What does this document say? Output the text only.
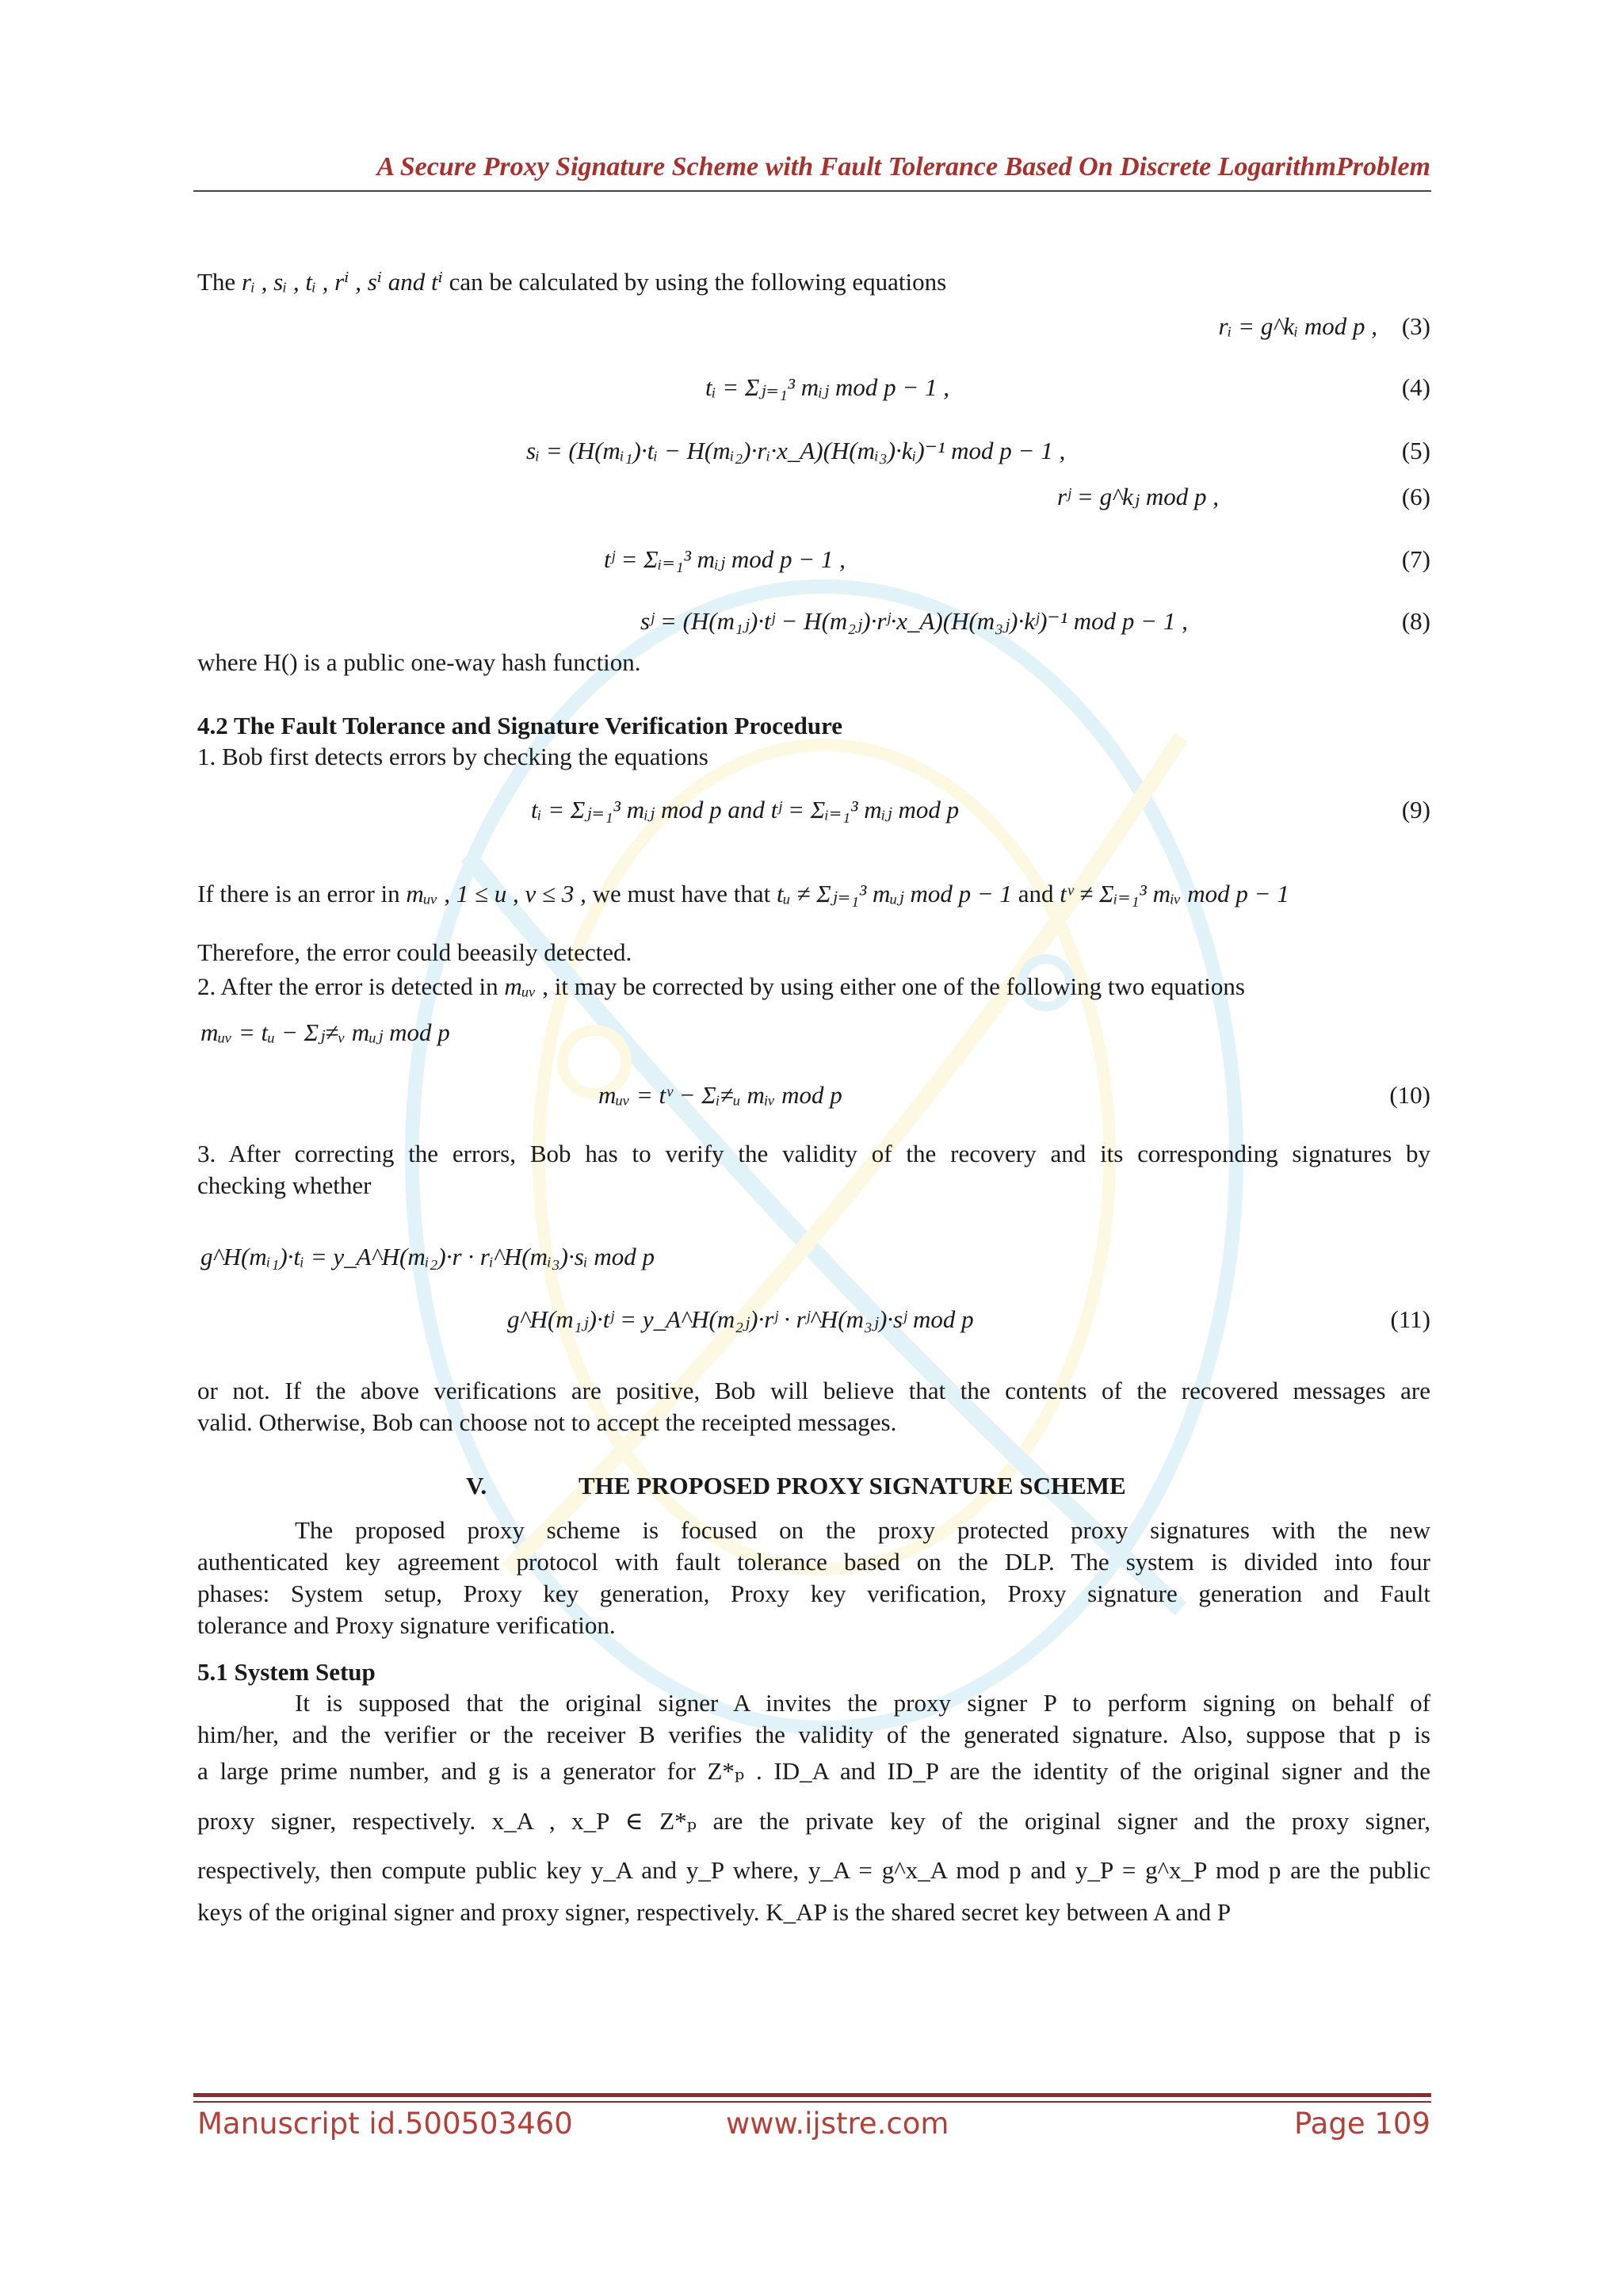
A Secure Proxy Signature Scheme with Fault Tolerance Based On Discrete LogarithmProblem
The rᵢ , sᵢ , tᵢ , rⁱ , sⁱ and tⁱ can be calculated by using the following equations
rᵢ = g^kᵢ mod p , (3)
tᵢ = Σⱼ₌₁³ mᵢⱼ mod p − 1 ,	(4)
sᵢ = (H(mᵢ₁)·tᵢ − H(mᵢ₂)·rᵢ·x_A)(H(mᵢ₃)·kᵢ)⁻¹ mod p − 1 ,	(5)
rʲ = g^kⱼ mod p ,	(6)
tʲ = Σᵢ₌₁³ mᵢⱼ mod p − 1 ,	(7)
sʲ = (H(m₁ⱼ)·tʲ − H(m₂ⱼ)·rʲ·x_A)(H(m₃ⱼ)·kʲ)⁻¹ mod p − 1 ,	(8)
where H() is a public one-way hash function.
4.2 The Fault Tolerance and Signature Verification Procedure
1. Bob first detects errors by checking the equations
tᵢ = Σⱼ₌₁³ mᵢⱼ mod p and tʲ = Σᵢ₌₁³ mᵢⱼ mod p	(9)
If there is an error in mᵤᵥ , 1 ≤ u , v ≤ 3 , we must have that tᵤ ≠ Σⱼ₌₁³ mᵤⱼ mod p − 1 and tᵛ ≠ Σᵢ₌₁³ mᵢᵥ mod p − 1
Therefore, the error could beeasily detected.
2. After the error is detected in mᵤᵥ , it may be corrected by using either one of the following two equations
mᵤᵥ = tᵤ − Σⱼ≠ᵥ mᵤⱼ mod p
mᵤᵥ = tᵛ − Σᵢ≠ᵤ mᵢᵥ mod p	(10)
3. After correcting the errors, Bob has to verify the validity of the recovery and its corresponding signatures by
checking whether
g^H(mᵢ₁)·tᵢ = y_A^H(mᵢ₂)·r · rᵢ^H(mᵢ₃)·sᵢ mod p
g^H(m₁ⱼ)·tʲ = y_A^H(m₂ⱼ)·rʲ · rʲ^H(m₃ⱼ)·sʲ mod p	(11)
or not. If the above verifications are positive, Bob will believe that the contents of the recovered messages are
valid. Otherwise, Bob can choose not to accept the receipted messages.
V.	THE PROPOSED PROXY SIGNATURE SCHEME
The proposed proxy scheme is focused on the proxy protected proxy signatures with the new
authenticated key agreement protocol with fault tolerance based on the DLP. The system is divided into four
phases: System setup, Proxy key generation, Proxy key verification, Proxy signature generation and Fault
tolerance and Proxy signature verification.
5.1 System Setup
It is supposed that the original signer A invites the proxy signer P to perform signing on behalf of
him/her, and the verifier or the receiver B verifies the validity of the generated signature. Also, suppose that p is
a large prime number, and g is a generator for Z*ₚ . ID_A and ID_P are the identity of the original signer and the
proxy signer, respectively. x_A , x_P ∈ Z*ₚ are the private key of the original signer and the proxy signer,
respectively, then compute public key y_A and y_P where, y_A = g^x_A mod p and y_P = g^x_P mod p are the public
keys of the original signer and proxy signer, respectively. K_AP is the shared secret key between A and P
Manuscript id.500503460	www.ijstre.com	Page 109
